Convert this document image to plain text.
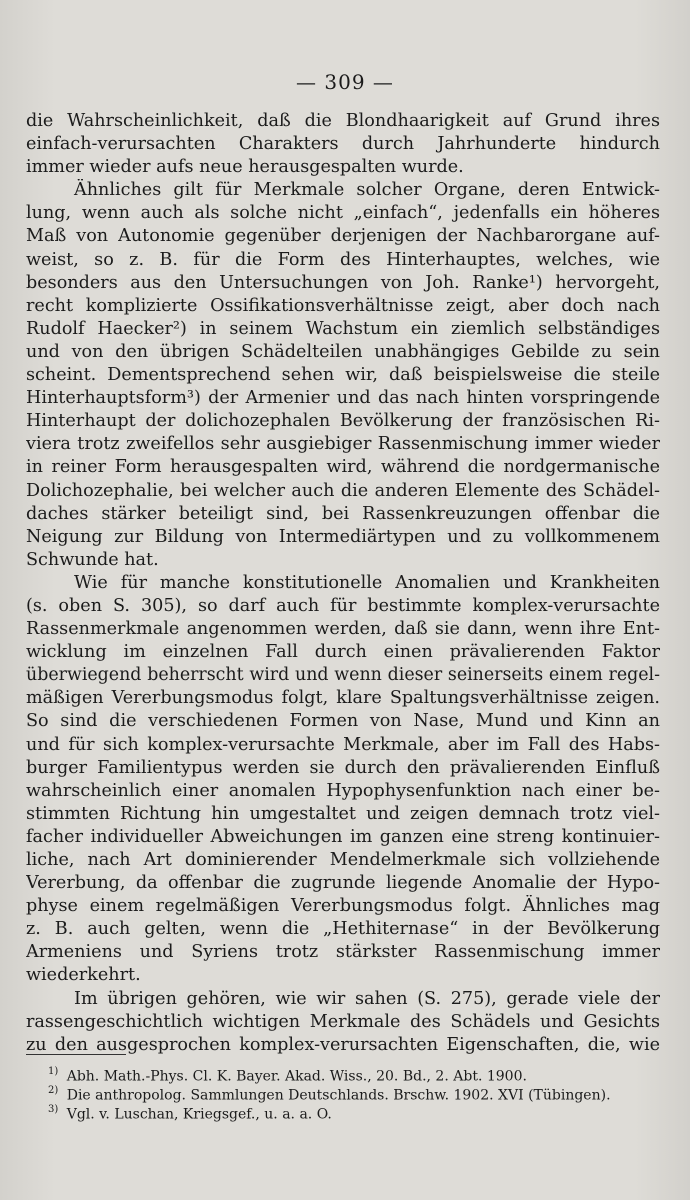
— 309 —
die Wahrscheinlichkeit, daß die Blondhaarigkeit auf Grund ihres
einfach-verursachten Charakters durch Jahrhunderte hindurch
immer wieder aufs neue herausgespalten wurde.
Ähnliches gilt für Merkmale solcher Organe, deren Entwick-
lung, wenn auch als solche nicht „einfach“, jedenfalls ein höheres
Maß von Autonomie gegenüber derjenigen der Nachbarorgane auf-
weist, so z. B. für die Form des Hinterhauptes, welches, wie
besonders aus den Untersuchungen von Joh. Ranke¹) hervorgeht,
recht komplizierte Ossifikationsverhältnisse zeigt, aber doch nach
Rudolf Haecker²) in seinem Wachstum ein ziemlich selbständiges
und von den übrigen Schädelteilen unabhängiges Gebilde zu sein
scheint. Dementsprechend sehen wir, daß beispielsweise die steile
Hinterhauptsform³) der Armenier und das nach hinten vorspringende
Hinterhaupt der dolichozephalen Bevölkerung der französischen Ri-
viera trotz zweifellos sehr ausgiebiger Rassenmischung immer wieder
in reiner Form herausgespalten wird, während die nordgermanische
Dolichozephalie, bei welcher auch die anderen Elemente des Schädel-
daches stärker beteiligt sind, bei Rassenkreuzungen offenbar die
Neigung zur Bildung von Intermediärtypen und zu vollkommenem
Schwunde hat.
Wie für manche konstitutionelle Anomalien und Krankheiten
(s. oben S. 305), so darf auch für bestimmte komplex-verursachte
Rassenmerkmale angenommen werden, daß sie dann, wenn ihre Ent-
wicklung im einzelnen Fall durch einen prävalierenden Faktor
überwiegend beherrscht wird und wenn dieser seinerseits einem regel-
mäßigen Vererbungsmodus folgt, klare Spaltungsverhältnisse zeigen.
So sind die verschiedenen Formen von Nase, Mund und Kinn an
und für sich komplex-verursachte Merkmale, aber im Fall des Habs-
burger Familientypus werden sie durch den prävalierenden Einfluß
wahrscheinlich einer anomalen Hypophysenfunktion nach einer be-
stimmten Richtung hin umgestaltet und zeigen demnach trotz viel-
facher individueller Abweichungen im ganzen eine streng kontinuier-
liche, nach Art dominierender Mendelmerkmale sich vollziehende
Vererbung, da offenbar die zugrunde liegende Anomalie der Hypo-
physe einem regelmäßigen Vererbungsmodus folgt. Ähnliches mag
z. B. auch gelten, wenn die „Hethiternase“ in der Bevölkerung
Armeniens und Syriens trotz stärkster Rassenmischung immer
wiederkehrt.
Im übrigen gehören, wie wir sahen (S. 275), gerade viele der
rassengeschichtlich wichtigen Merkmale des Schädels und Gesichts
zu den ausgesprochen komplex-verursachten Eigenschaften, die, wie
$^{1)}$ Abh. Math.-Phys. Cl. K. Bayer. Akad. Wiss., 20. Bd., 2. Abt. 1900.
$^{2)}$ Die anthropolog. Sammlungen Deutschlands. Brschw. 1902. XVI (Tübingen).
$^{3)}$ Vgl. v. Luschan, Kriegsgef., u. a. a. O.
